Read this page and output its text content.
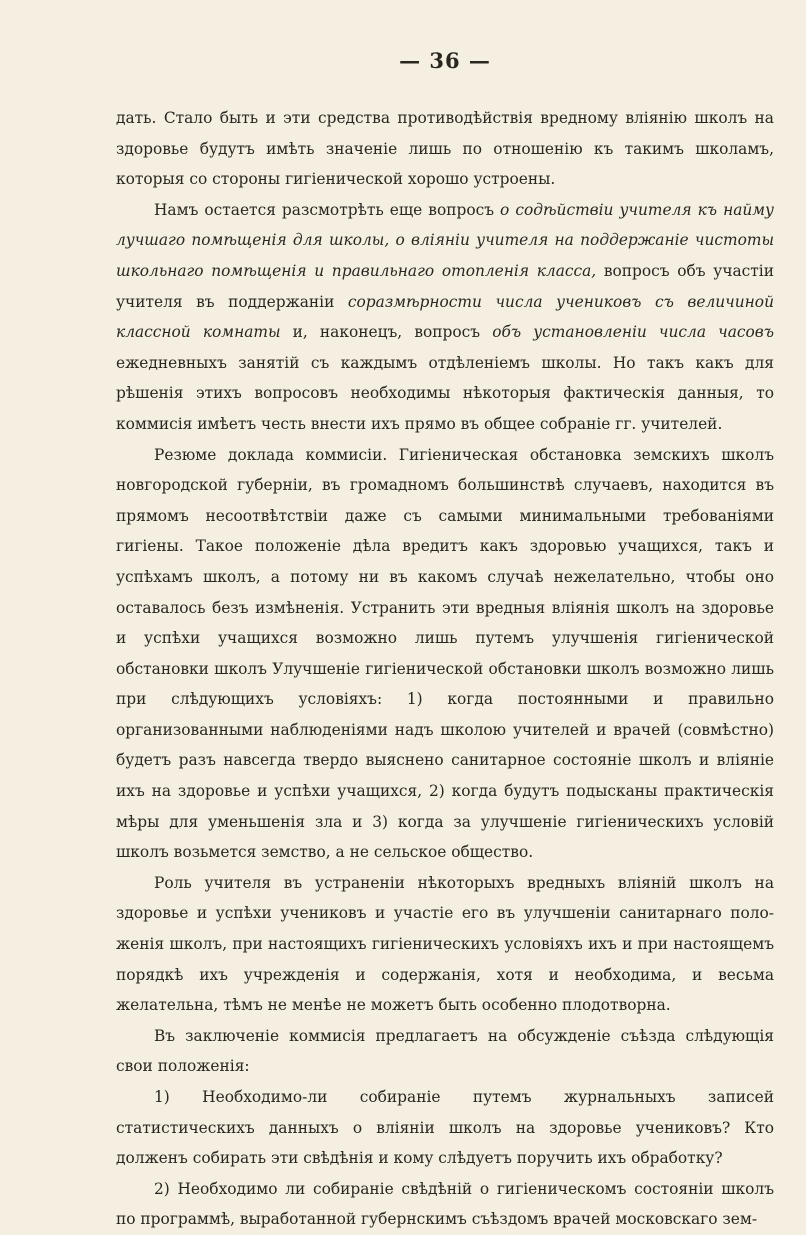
— 36 —

дать. Стало быть и эти средства противодѣйствія вредному вліянію школъ на здоровье будутъ имѣть значеніе лишь по отношенію къ такимъ школамъ, которыя со стороны гигіенической хорошо устроены.

Намъ остается разсмотрѣть еще вопросъ о содѣйствіи учителя къ найму лучшаго помѣщенія для школы, о вліяніи учителя на поддержаніе чистоты школьнаго помѣщенія и правильнаго отопленія класса, вопросъ объ участіи учителя въ поддержаніи соразмѣрности числа учениковъ съ величиной классной комнаты и, наконецъ, вопросъ объ установленіи числа часовъ ежедневныхъ занятій съ каждымъ отдѣленіемъ школы. Но такъ какъ для рѣшенія этихъ вопросовъ необходимы нѣкоторыя фактическія данныя, то коммисія имѣетъ честь внести ихъ прямо въ общее собраніе гг. учителей.

Резюме доклада коммисіи. Гигіеническая обстановка земскихъ школъ новгородской губерніи, въ громадномъ большинствѣ случаевъ, находится въ прямомъ несоотвѣтствіи даже съ самыми минимальными требованіями гигіены. Такое положеніе дѣла вредитъ какъ здоровью учащихся, такъ и успѣхамъ школъ, а потому ни въ какомъ случаѣ нежелательно, чтобы оно оставалось безъ измѣненія. Устранить эти вредныя вліянія школъ на здоровье и успѣхи учащихся возможно лишь путемъ улучшенія гигіенической обстановки школъ Улучшеніе гигіенической обстановки школъ возможно лишь при слѣдующихъ условіяхъ: 1) когда постоянными и правильно организованными наблюденіями надъ школою учителей и врачей (совмѣстно) будетъ разъ навсегда твердо выяснено санитарное состояніе школъ и вліяніе ихъ на здоровье и успѣхи учащихся, 2) когда будутъ подысканы практическія мѣры для уменьшенія зла и 3) когда за улучшеніе гигіеническихъ условій школъ возьмется земство, а не сельское общество.

Роль учителя въ устраненіи нѣкоторыхъ вредныхъ вліяній школъ на здоровье и успѣхи учениковъ и участіе его въ улучшеніи санитарнаго положенія школъ, при настоящихъ гигіеническихъ условіяхъ ихъ и при настоящемъ порядкѣ ихъ учрежденія и содержанія, хотя и необходима, и весьма желательна, тѣмъ не менѣе не можетъ быть особенно плодотворна.

Въ заключеніе коммисія предлагаетъ на обсужденіе съѣзда слѣдующія свои положенія:

1) Необходимо-ли собираніе путемъ журнальныхъ записей статистическихъ данныхъ о вліяніи школъ на здоровье учениковъ? Кто долженъ собирать эти свѣдѣнія и кому слѣдуетъ поручить ихъ обработку?

2) Необходимо ли собираніе свѣдѣній о гигіеническомъ состояніи школъ по программѣ, выработанной губернскимъ съѣздомъ врачей московскаго зем-
